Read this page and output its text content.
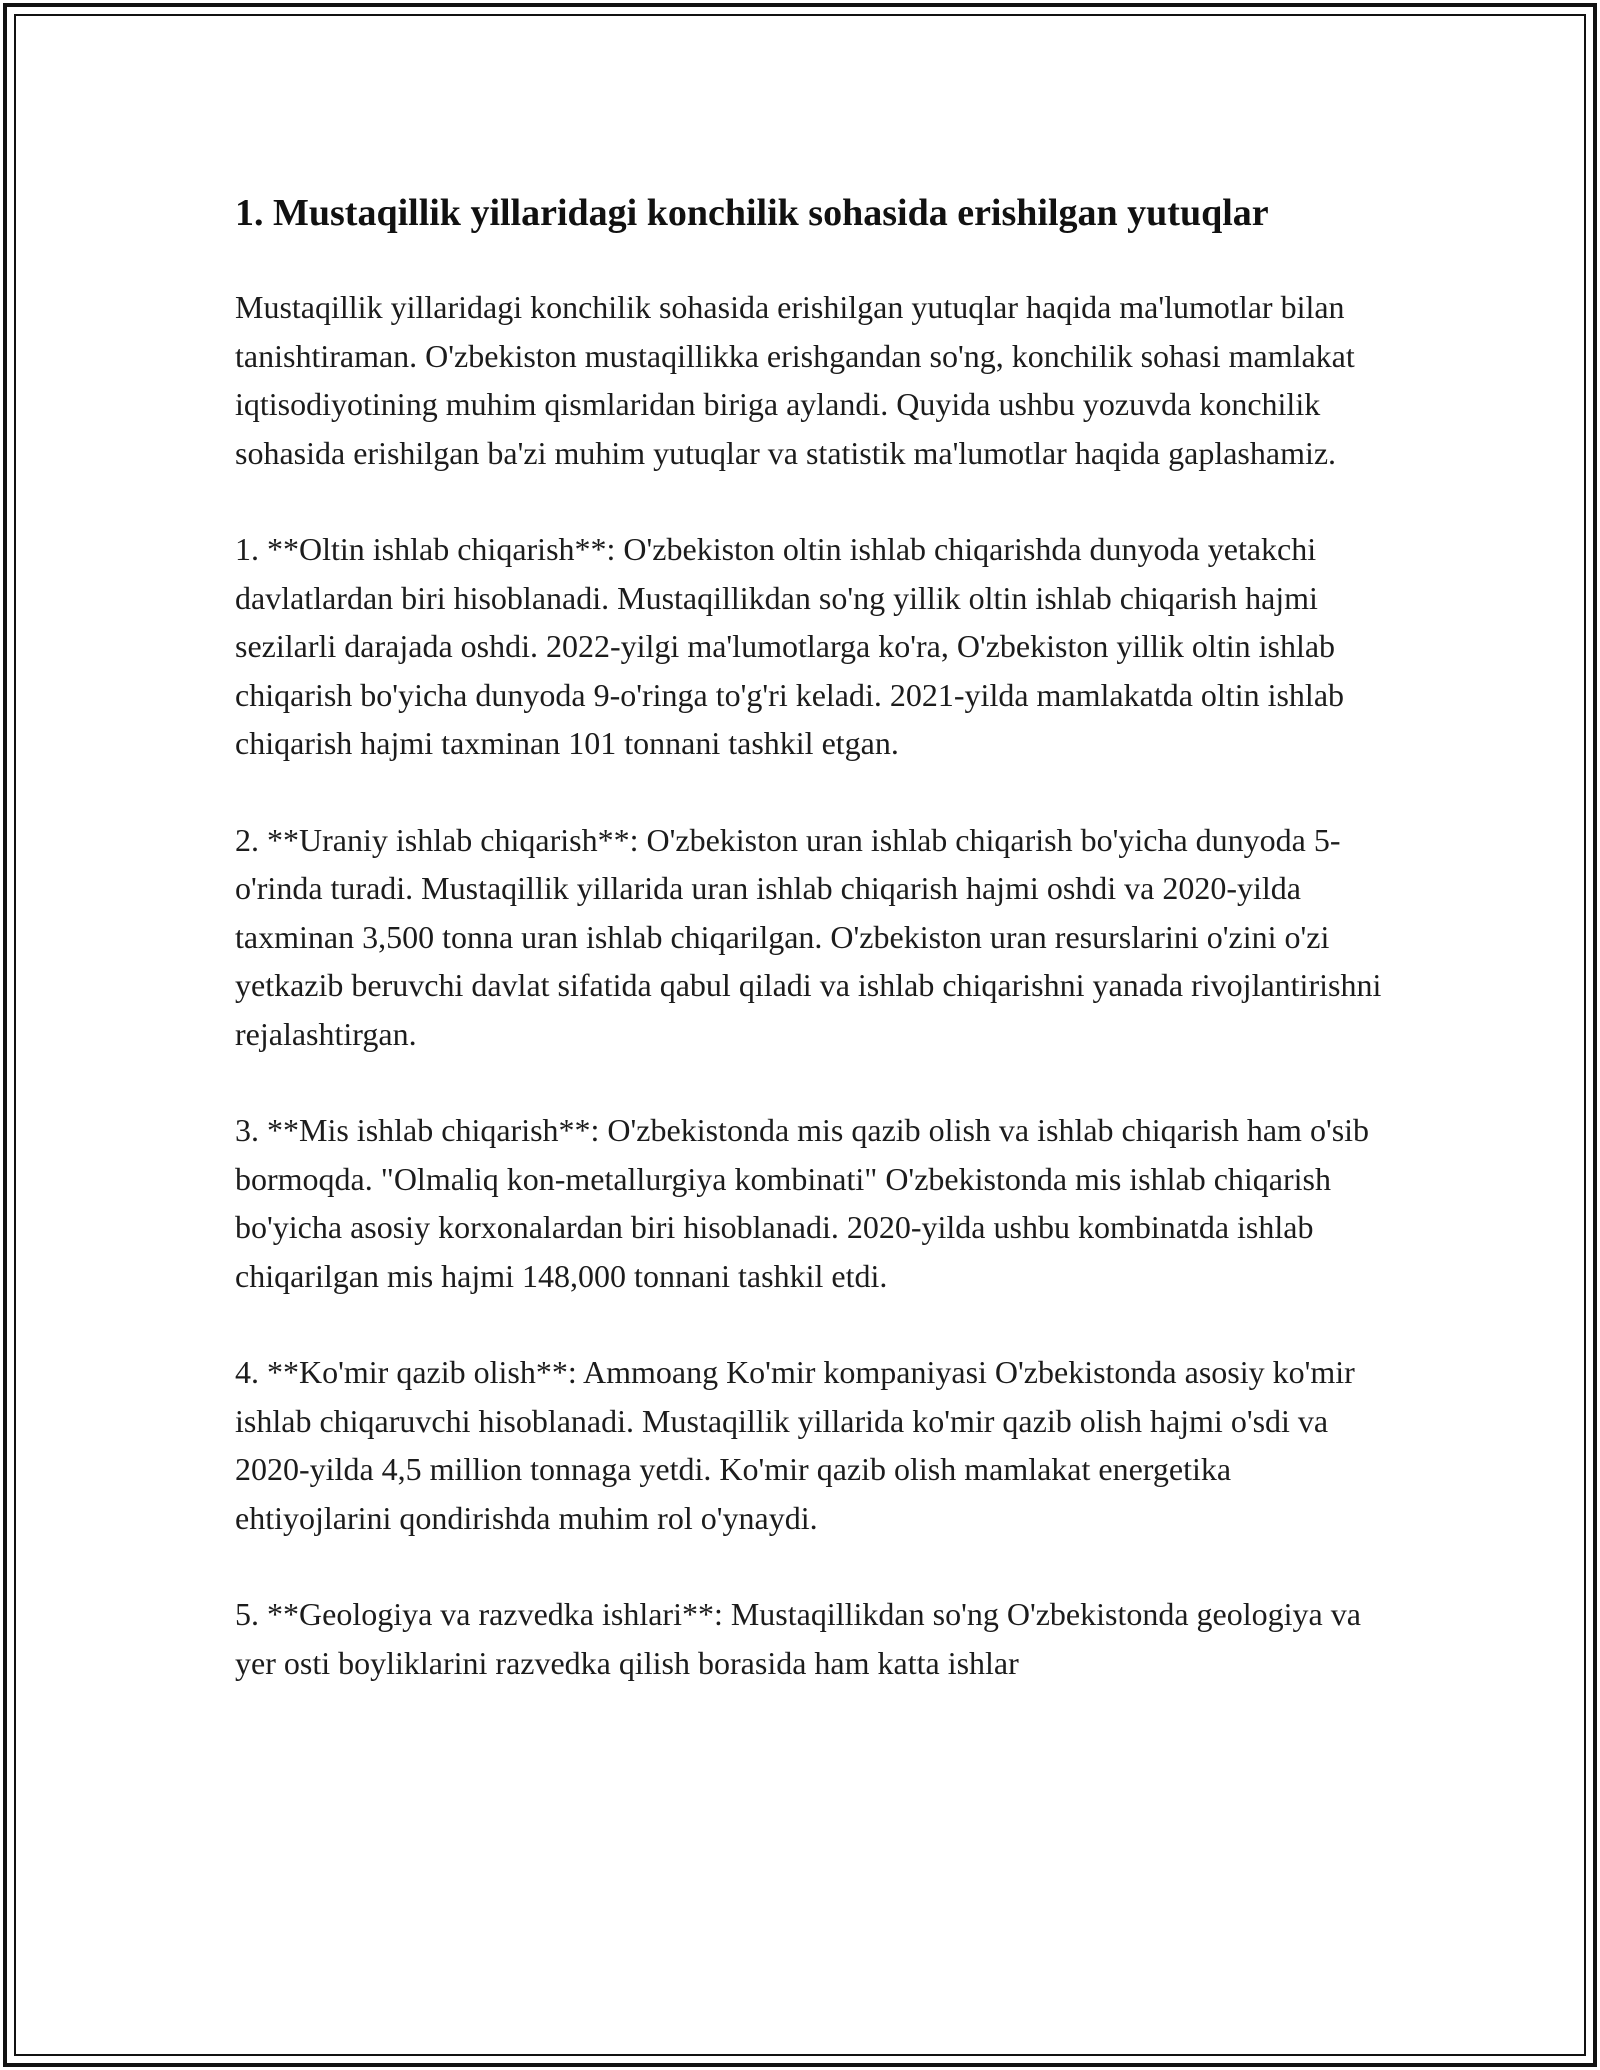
1. Mustaqillik yillaridagi konchilik sohasida erishilgan yutuqlar

Mustaqillik yillaridagi konchilik sohasida erishilgan yutuqlar haqida ma'lumotlar bilan tanishtiraman. O'zbekiston mustaqillikka erishgandan so'ng, konchilik sohasi mamlakat iqtisodiyotining muhim qismlaridan biriga aylandi. Quyida ushbu yozuvda konchilik sohasida erishilgan ba'zi muhim yutuqlar va statistik ma'lumotlar haqida gaplashamiz.

1. **Oltin ishlab chiqarish**: O'zbekiston oltin ishlab chiqarishda dunyoda yetakchi davlatlardan biri hisoblanadi. Mustaqillikdan so'ng yillik oltin ishlab chiqarish hajmi sezilarli darajada oshdi. 2022-yilgi ma'lumotlarga ko'ra, O'zbekiston yillik oltin ishlab chiqarish bo'yicha dunyoda 9-o'ringa to'g'ri keladi. 2021-yilda mamlakatda oltin ishlab chiqarish hajmi taxminan 101 tonnani tashkil etgan.

2. **Uraniy ishlab chiqarish**: O'zbekiston uran ishlab chiqarish bo'yicha dunyoda 5-o'rinda turadi. Mustaqillik yillarida uran ishlab chiqarish hajmi oshdi va 2020-yilda taxminan 3,500 tonna uran ishlab chiqarilgan. O'zbekiston uran resurslarini o'zini o'zi yetkazib beruvchi davlat sifatida qabul qiladi va ishlab chiqarishni yanada rivojlantirishni rejalashtirgan.

3. **Mis ishlab chiqarish**: O'zbekistonda mis qazib olish va ishlab chiqarish ham o'sib bormoqda. "Olmaliq kon-metallurgiya kombinati" O'zbekistonda mis ishlab chiqarish bo'yicha asosiy korxonalardan biri hisoblanadi. 2020-yilda ushbu kombinatda ishlab chiqarilgan mis hajmi 148,000 tonnani tashkil etdi.

4. **Ko'mir qazib olish**: Ammoang Ko'mir kompaniyasi O'zbekistonda asosiy ko'mir ishlab chiqaruvchi hisoblanadi. Mustaqillik yillarida ko'mir qazib olish hajmi o'sdi va 2020-yilda 4,5 million tonnaga yetdi. Ko'mir qazib olish mamlakat energetika ehtiyojlarini qondirishda muhim rol o'ynaydi.

5. **Geologiya va razvedka ishlari**: Mustaqillikdan so'ng O'zbekistonda geologiya va yer osti boyliklarini razvedka qilish borasida ham katta ishlar
